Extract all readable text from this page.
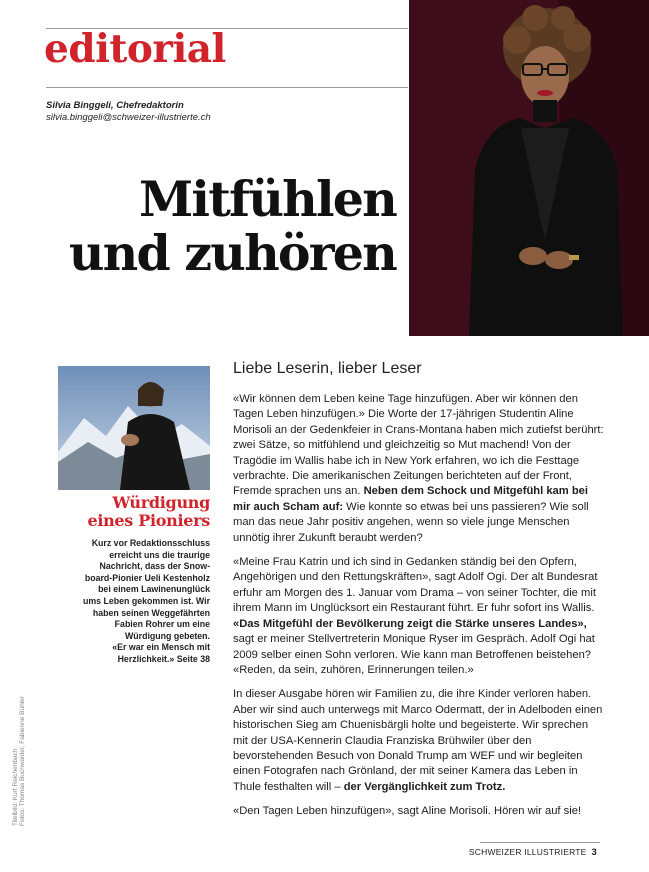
editorial
Silvia Binggeli, Chefredaktorin
silvia.binggeli@schweizer-illustrierte.ch
Mitfühlen
und zuhören
Würdigung
eines Pioniers
Kurz vor Redaktionsschluss
erreicht uns die traurige
Nachricht, dass der Snow-
board-Pionier Ueli Kestenholz
bei einem Lawinenunglück
ums Leben gekommen ist. Wir
haben seinen Weggefährten
Fabien Rohrer um eine
Würdigung gebeten.
«Er war ein Mensch mit
Herzlichkeit.» Seite 38
Titelbild: Kurt Reichenbach Fotos: Thomas Buchwalder, Fabienne Bühler
Liebe Leserin, lieber Leser

«Wir können dem Leben keine Tage hinzufügen. Aber wir können den Tagen Leben hinzufügen.» Die Worte der 17-jährigen Studentin Aline Morisoli an der Gedenkfeier in Crans-Montana haben mich zutiefst berührt: zwei Sätze, so mitfühlend und gleichzeitig so Mut machend! Von der Tragödie im Wallis habe ich in New York erfahren, wo ich die Festtage verbrachte. Die amerikanischen Zeitungen berichteten auf der Front, Fremde sprachen uns an. Neben dem Schock und Mitgefühl kam bei mir auch Scham auf: Wie konnte so etwas bei uns passieren? Wie soll man das neue Jahr positiv angehen, wenn so viele junge Menschen unnötig ihrer Zukunft beraubt werden?

«Meine Frau Katrin und ich sind in Gedanken ständig bei den Opfern, Angehörigen und den Rettungskräften», sagt Adolf Ogi. Der alt Bundesrat erfuhr am Morgen des 1. Januar vom Drama – von seiner Tochter, die mit ihrem Mann im Unglücksort ein Restaurant führt. Er fuhr sofort ins Wallis. «Das Mitgefühl der Bevölkerung zeigt die Stärke unseres Landes», sagt er meiner Stellvertreterin Monique Ryser im Gespräch. Adolf Ogi hat 2009 selber einen Sohn verloren. Wie kann man Betroffenen beistehen? «Reden, da sein, zuhören, Erinnerungen teilen.»

In dieser Ausgabe hören wir Familien zu, die ihre Kinder verloren haben. Aber wir sind auch unterwegs mit Marco Odermatt, der in Adelboden einen historischen Sieg am Chuenisbärgli holte und begeisterte. Wir sprechen mit der USA-Kennerin Claudia Franziska Brühwiler über den bevorstehenden Besuch von Donald Trump am WEF und wir begleiten einen Fotografen nach Grönland, der mit seiner Kamera das Leben in Thule festhalten will – der Vergänglichkeit zum Trotz.

«Den Tagen Leben hinzufügen», sagt Aline Morisoli. Hören wir auf sie!

SCHWEIZER ILLUSTRIERTE 3
